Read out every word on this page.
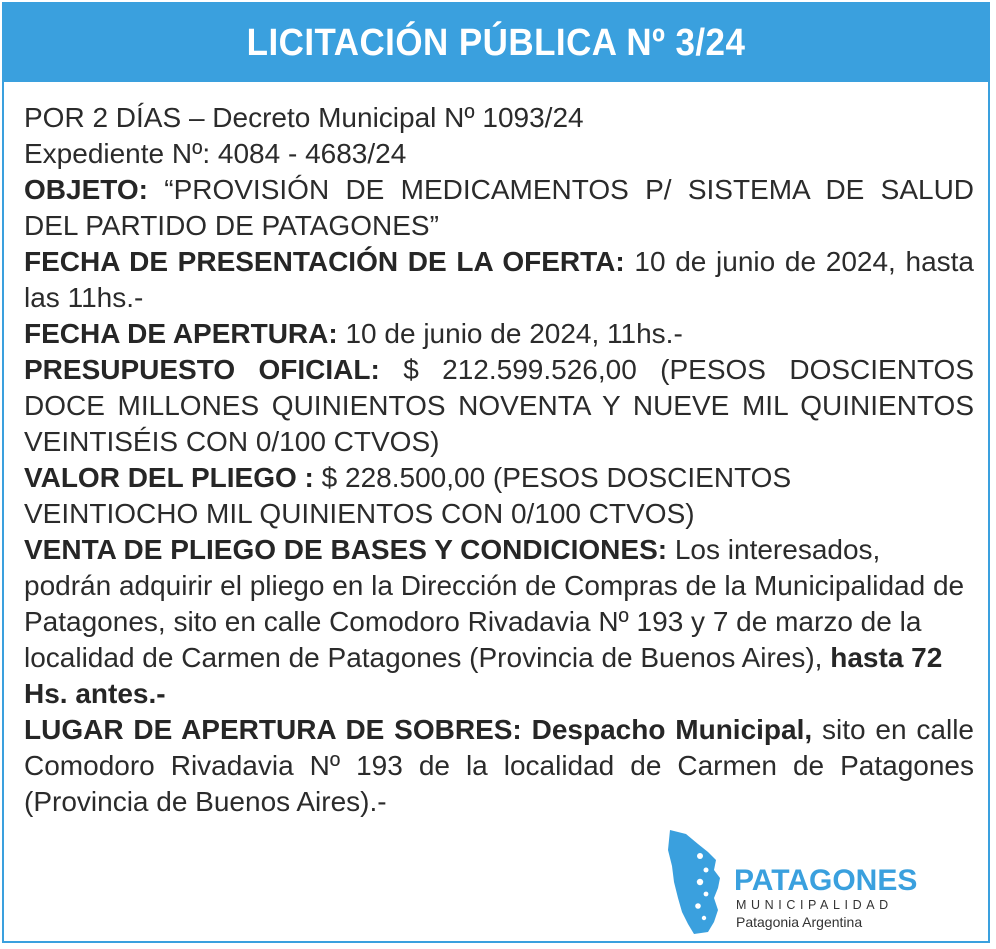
LICITACIÓN PÚBLICA Nº 3/24

POR 2 DÍAS – Decreto Municipal Nº 1093/24

Expediente Nº: 4084 - 4683/24

OBJETO: “PROVISIÓN DE MEDICAMENTOS P/ SISTEMA DE SALUD DEL PARTIDO DE PATAGONES”

FECHA DE PRESENTACIÓN DE LA OFERTA: 10 de junio de 2024, hasta las 11hs.-

FECHA DE APERTURA: 10 de junio de 2024, 11hs.-

PRESUPUESTO OFICIAL: $ 212.599.526,00 (PESOS DOSCIENTOS DOCE MILLONES QUINIENTOS NOVENTA Y NUEVE MIL QUINIENTOS VEINTISÉIS CON 0/100 CTVOS)

VALOR DEL PLIEGO : $ 228.500,00 (PESOS DOSCIENTOS VEINTIOCHO MIL QUINIENTOS CON 0/100 CTVOS)

VENTA DE PLIEGO DE BASES Y CONDICIONES: Los interesados, podrán adquirir el pliego en la Dirección de Compras de la Municipalidad de Patagones, sito en calle Comodoro Rivadavia Nº 193 y 7 de marzo de la localidad de Carmen de Patagones (Provincia de Buenos Aires), hasta 72 Hs. antes.-

LUGAR DE APERTURA DE SOBRES: Despacho Municipal, sito en calle Comodoro Rivadavia Nº 193 de la localidad de Carmen de Patagones (Provincia de Buenos Aires).-

PATAGONES
MUNICIPALIDAD
Patagonia Argentina
